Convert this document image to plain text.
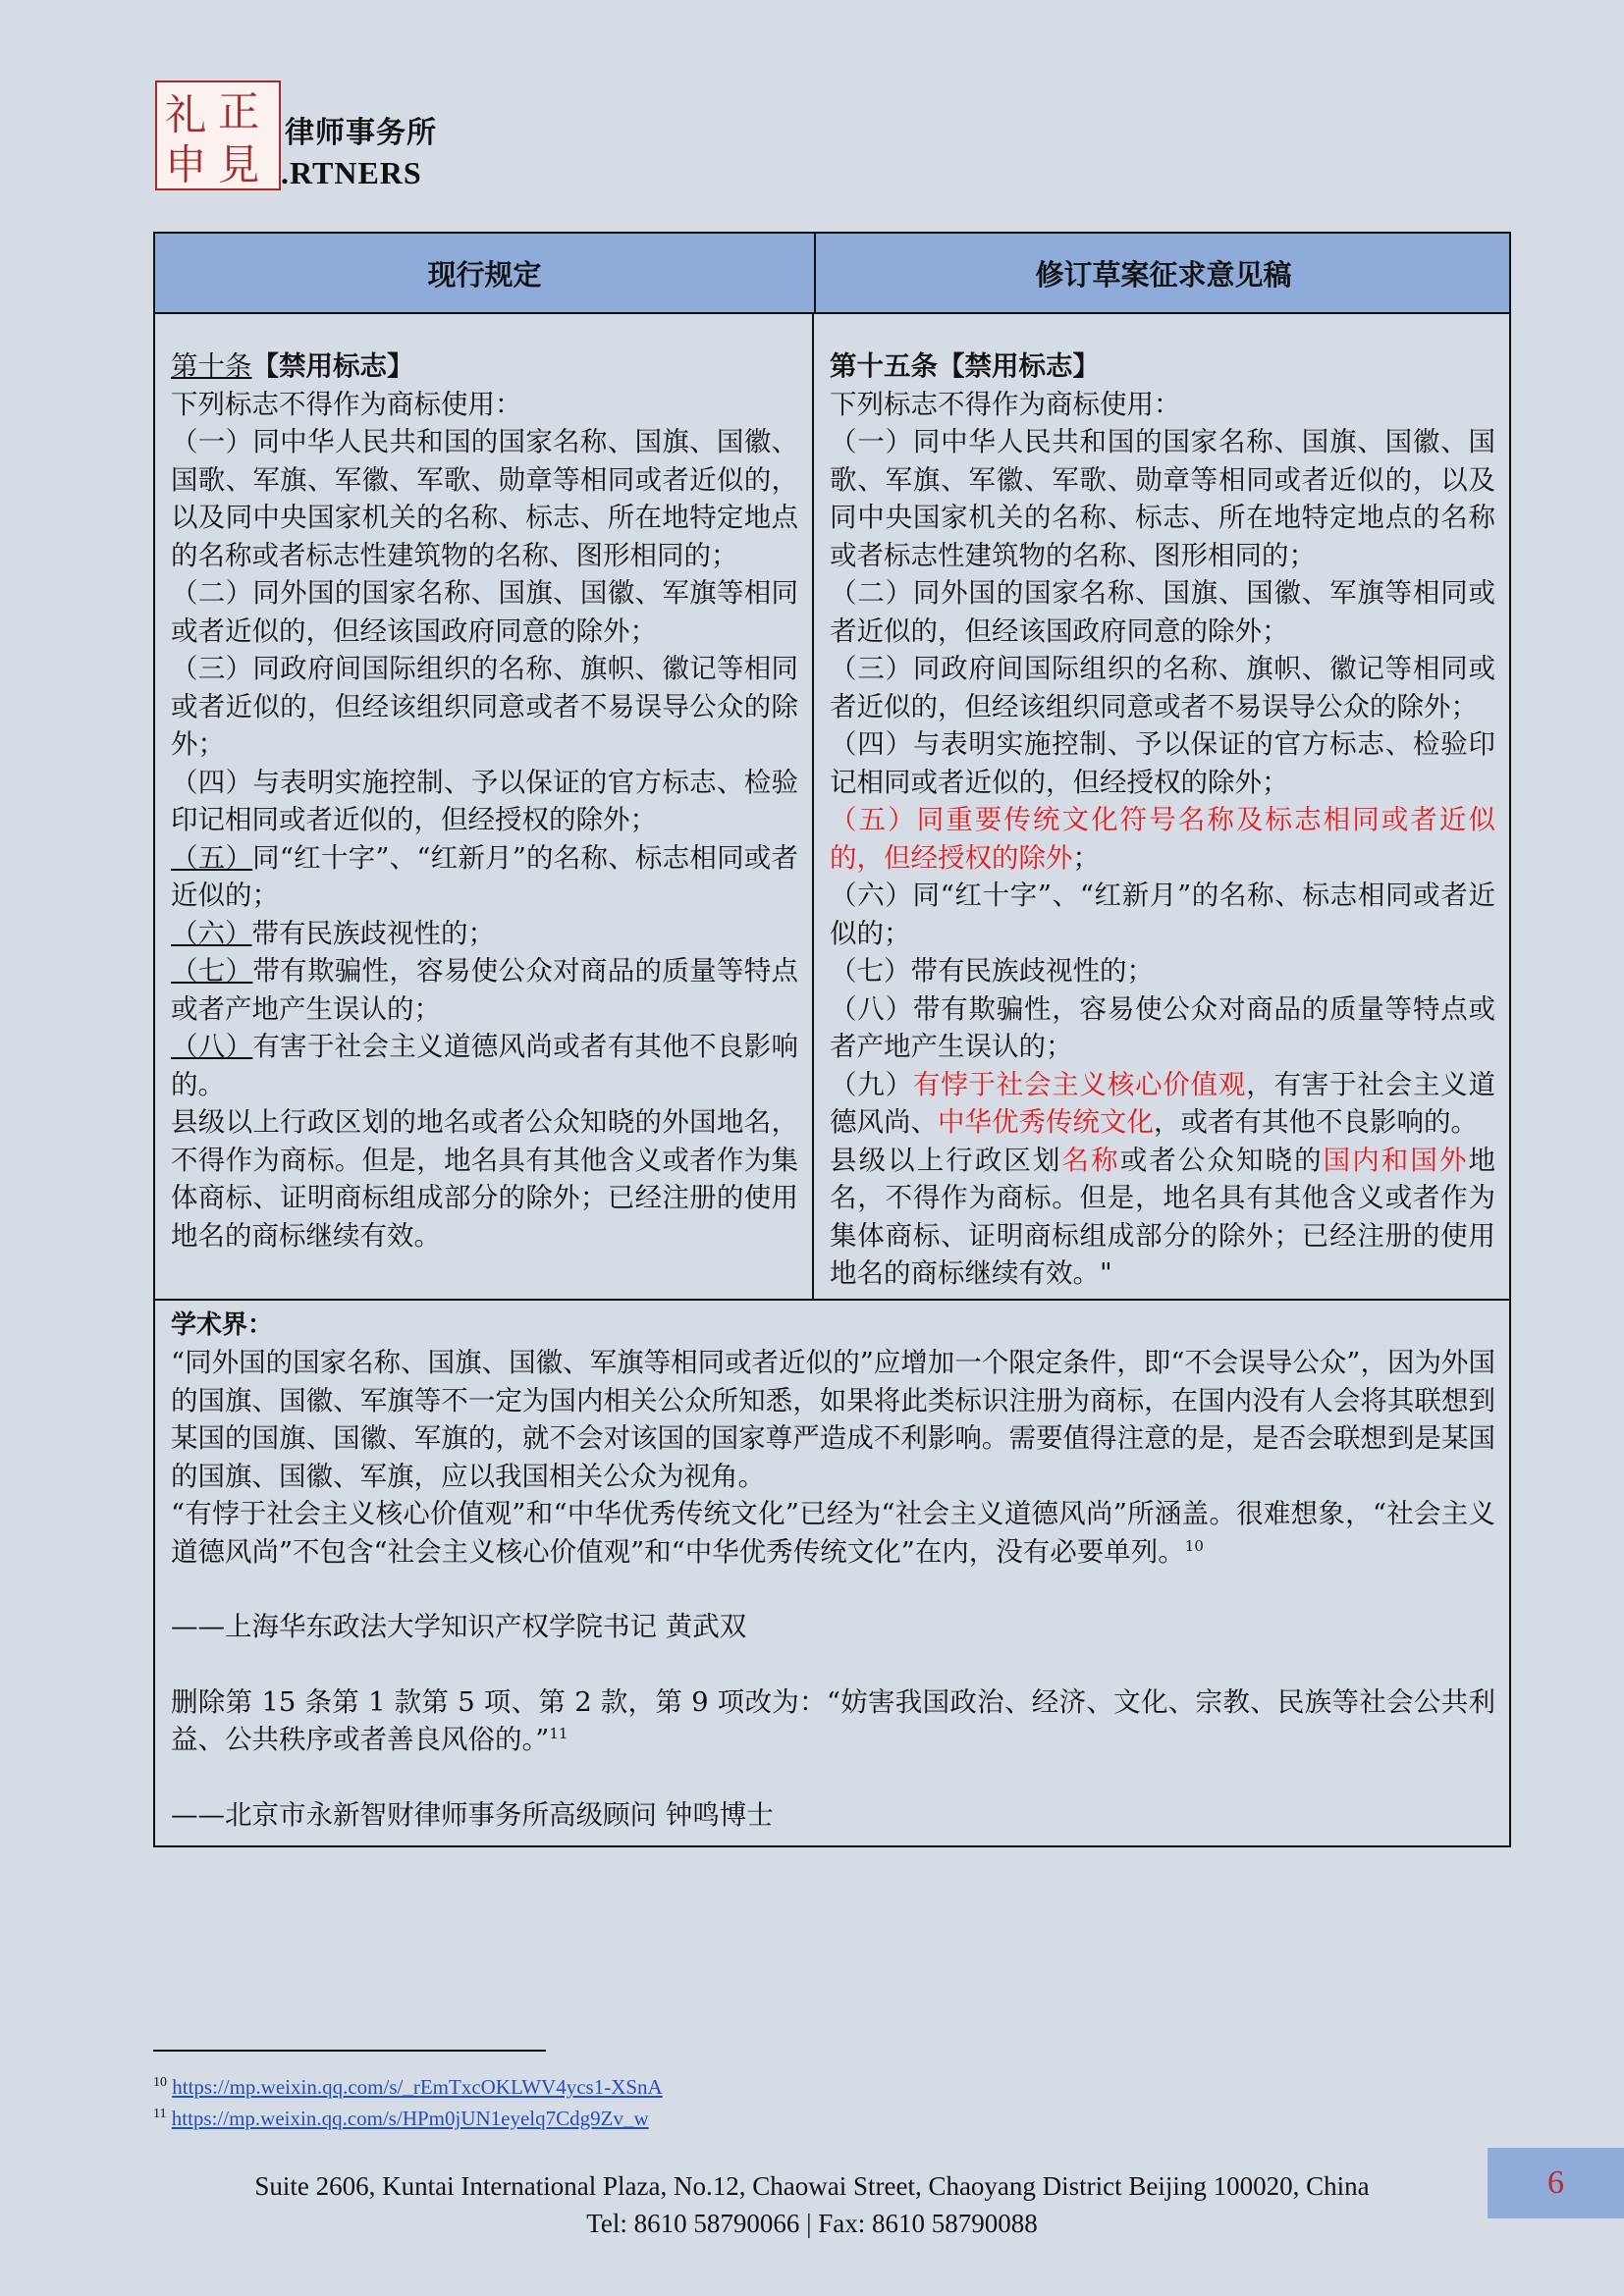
礼 正
申 見
律师事务所
.RTNERS
现行规定	修订草案征求意见稿

第十条【禁用标志】

下列标志不得作为商标使用：

（一）同中华人民共和国的国家名称、国旗、国徽、国歌、军旗、军徽、军歌、勋章等相同或者近似的，以及同中央国家机关的名称、标志、所在地特定地点的名称或者标志性建筑物的名称、图形相同的；

（二）同外国的国家名称、国旗、国徽、军旗等相同或者近似的，但经该国政府同意的除外；

（三）同政府间国际组织的名称、旗帜、徽记等相同或者近似的，但经该组织同意或者不易误导公众的除外；

（四）与表明实施控制、予以保证的官方标志、检验印记相同或者近似的，但经授权的除外；

（五）同“红十字”、“红新月”的名称、标志相同或者近似的；

（六）带有民族歧视性的；

（七）带有欺骗性，容易使公众对商品的质量等特点或者产地产生误认的；

（八）有害于社会主义道德风尚或者有其他不良影响的。

县级以上行政区划的地名或者公众知晓的外国地名，不得作为商标。但是，地名具有其他含义或者作为集体商标、证明商标组成部分的除外；已经注册的使用地名的商标继续有效。

第十五条【禁用标志】

下列标志不得作为商标使用：

（一）同中华人民共和国的国家名称、国旗、国徽、国歌、军旗、军徽、军歌、勋章等相同或者近似的，以及同中央国家机关的名称、标志、所在地特定地点的名称或者标志性建筑物的名称、图形相同的；

（二）同外国的国家名称、国旗、国徽、军旗等相同或者近似的，但经该国政府同意的除外；

（三）同政府间国际组织的名称、旗帜、徽记等相同或者近似的，但经该组织同意或者不易误导公众的除外；

（四）与表明实施控制、予以保证的官方标志、检验印记相同或者近似的，但经授权的除外；

（五）同重要传统文化符号名称及标志相同或者近似的，但经授权的除外；

（六）同“红十字”、“红新月”的名称、标志相同或者近似的；

（七）带有民族歧视性的；

（八）带有欺骗性，容易使公众对商品的质量等特点或者产地产生误认的；

（九）有悖于社会主义核心价值观，有害于社会主义道德风尚、中华优秀传统文化，或者有其他不良影响的。

县级以上行政区划名称或者公众知晓的国内和国外地名，不得作为商标。但是，地名具有其他含义或者作为集体商标、证明商标组成部分的除外；已经注册的使用地名的商标继续有效。"

学术界：

“同外国的国家名称、国旗、国徽、军旗等相同或者近似的”应增加一个限定条件，即“不会误导公众”，因为外国的国旗、国徽、军旗等不一定为国内相关公众所知悉，如果将此类标识注册为商标，在国内没有人会将其联想到某国的国旗、国徽、军旗的，就不会对该国的国家尊严造成不利影响。需要值得注意的是，是否会联想到是某国的国旗、国徽、军旗，应以我国相关公众为视角。

“有悖于社会主义核心价值观”和“中华优秀传统文化”已经为“社会主义道德风尚”所涵盖。很难想象，“社会主义道德风尚”不包含“社会主义核心价值观”和“中华优秀传统文化”在内，没有必要单列。$^{10}$

——上海华东政法大学知识产权学院书记 黄武双

删除第 15 条第 1 款第 5 项、第 2 款，第 9 项改为：“妨害我国政治、经济、文化、宗教、民族等社会公共利益、公共秩序或者善良风俗的。”$^{11}$

——北京市永新智财律师事务所高级顾问 钟鸣博士

$^{10}$ https://mp.weixin.qq.com/s/_rEmTxcOKLWV4ycs1-XSnA
$^{11}$ https://mp.weixin.qq.com/s/HPm0jUN1eyelq7Cdg9Zv_w
Suite 2606, Kuntai International Plaza, No.12, Chaowai Street, Chaoyang District Beijing 100020, China
Tel: 8610 58790066 | Fax: 8610 58790088
6
